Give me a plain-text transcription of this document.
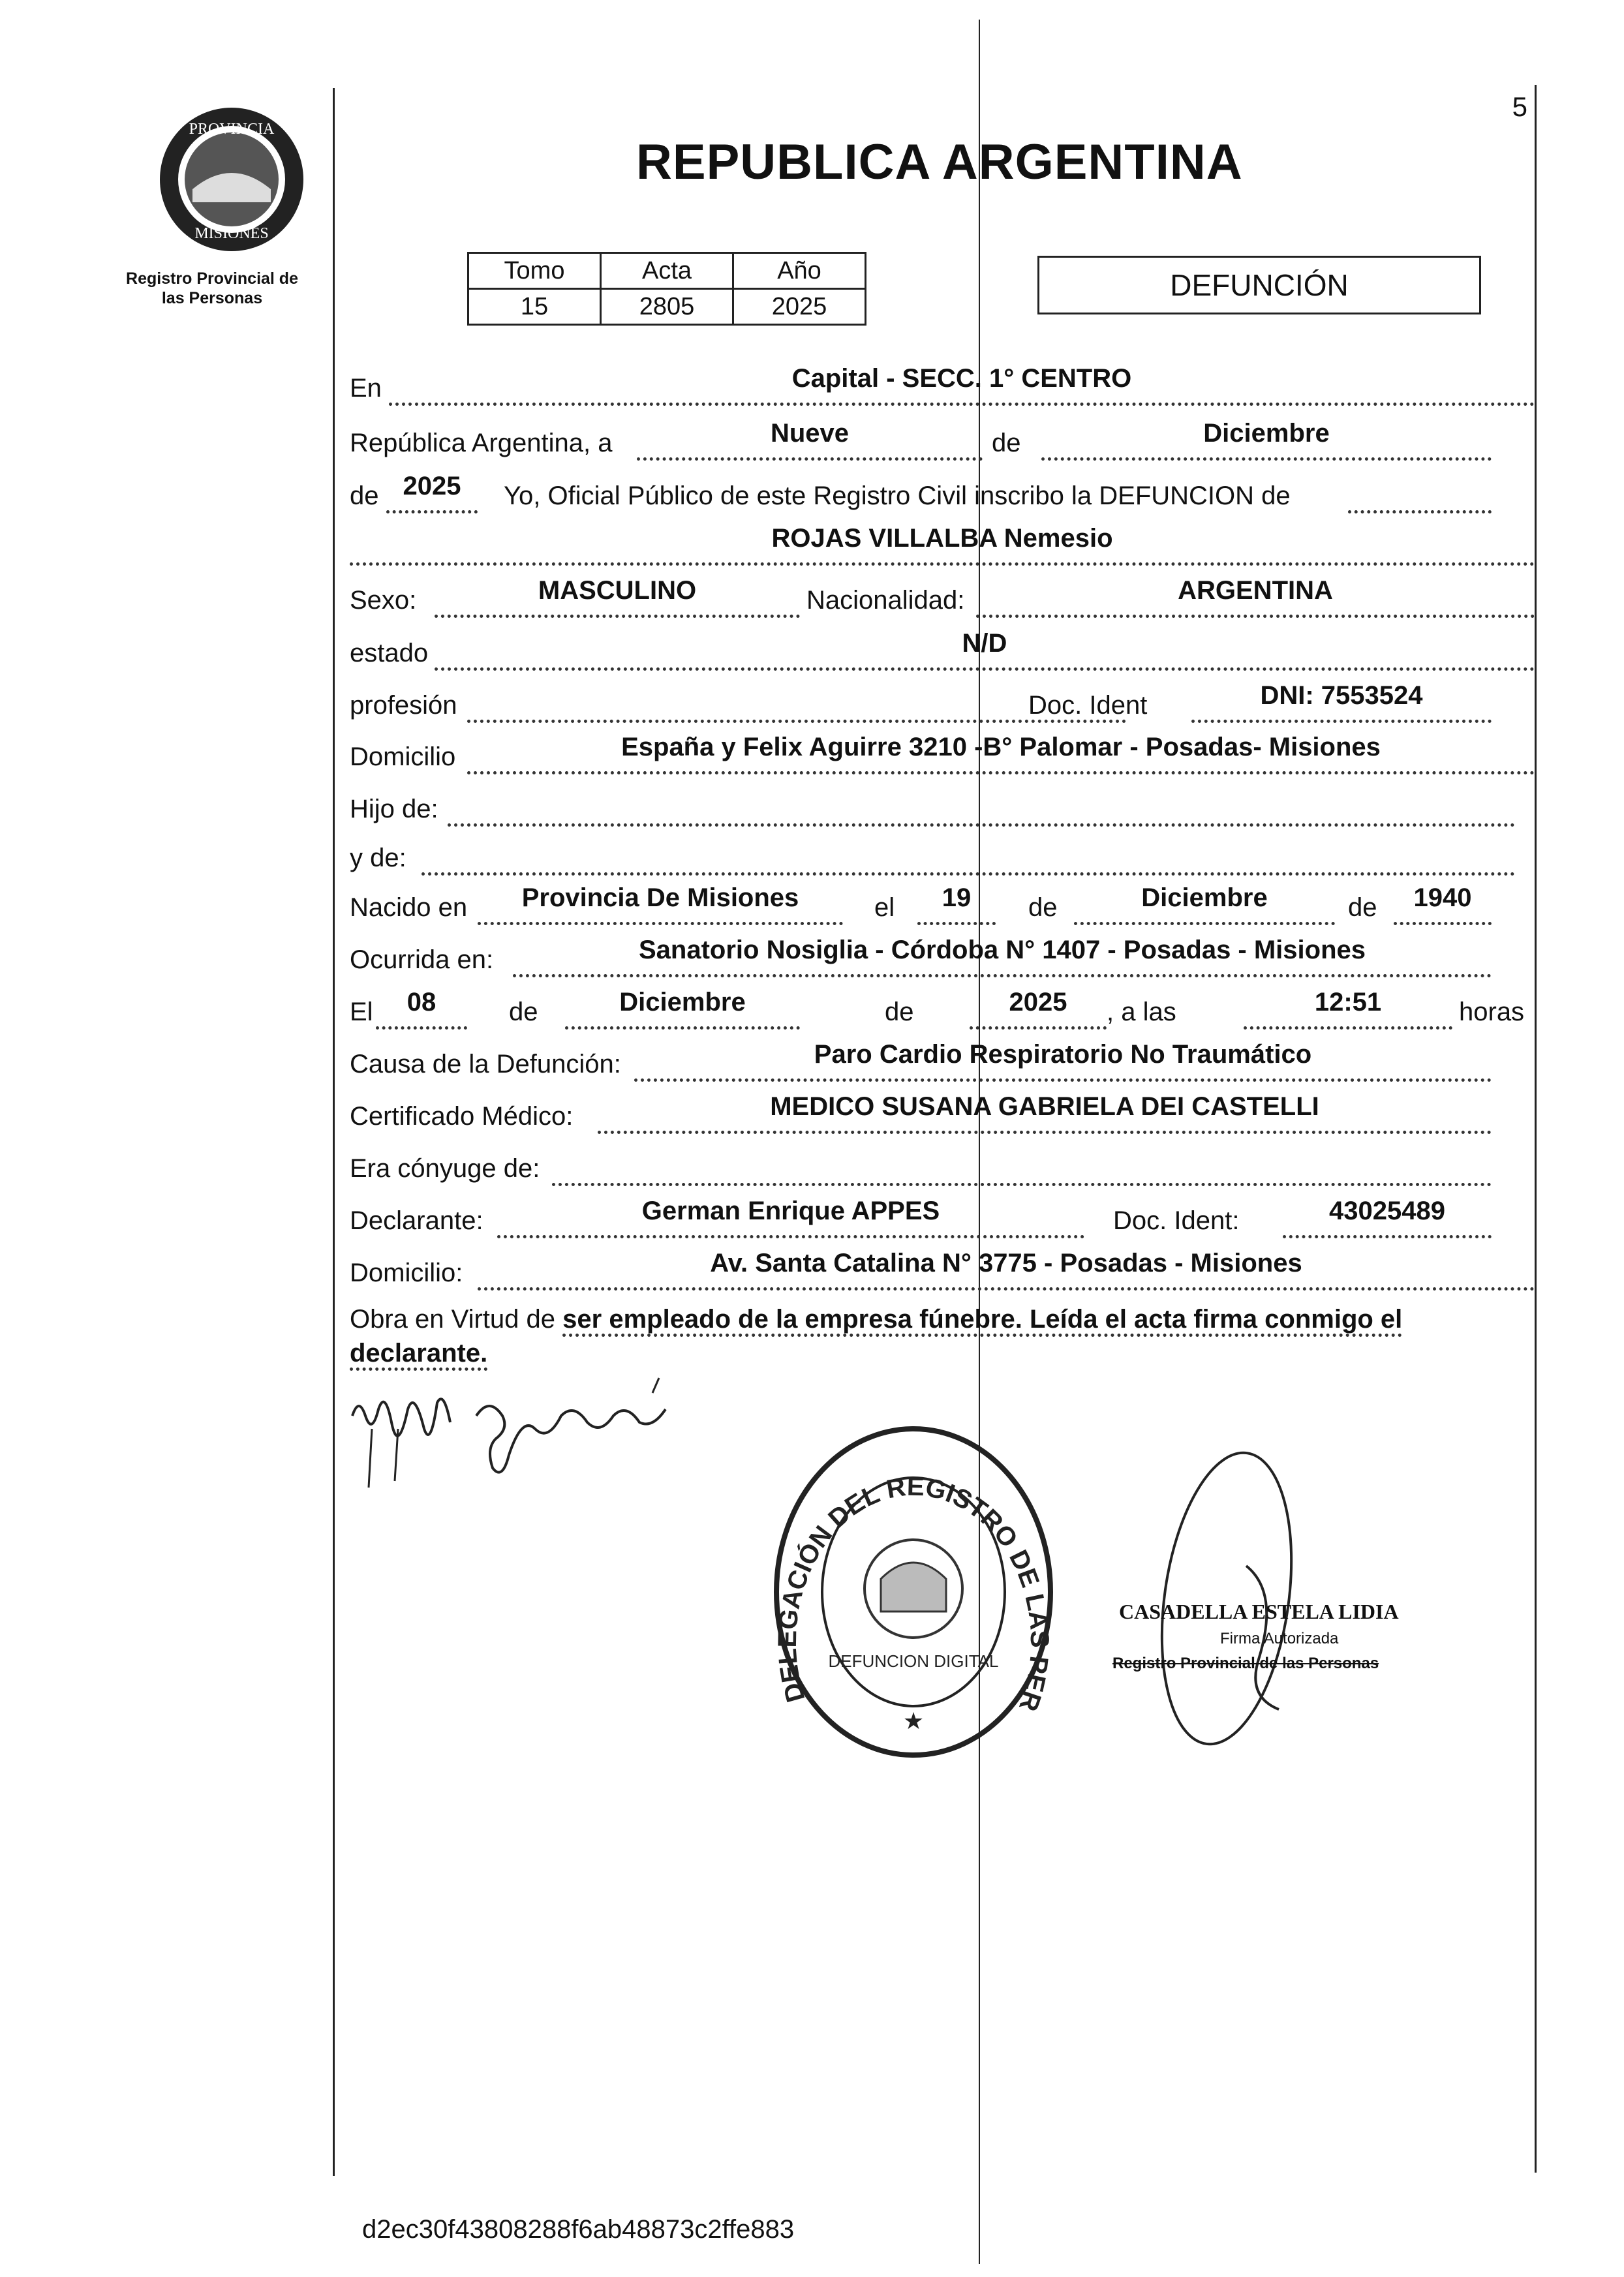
5
PROVINCIA
MISIONES
Registro Provincial de
las Personas
REPUBLICA ARGENTINA
Tomo	Acta	Año
15	2805	2025
DEFUNCIÓN
En	Capital - SECC. 1° CENTRO
República Argentina, a	Nueve	de	Diciembre
de 2025	Yo, Oficial Público de este Registro Civil inscribo la DEFUNCION de
ROJAS VILLALBA Nemesio
Sexo:	MASCULINO	Nacionalidad:	ARGENTINA
estado	N/D
profesión	Doc. Ident	DNI: 7553524
Domicilio	España y Felix Aguirre 3210 -B° Palomar - Posadas- Misiones
Hijo de:
y de:
Nacido en	Provincia De Misiones	el	19	de	Diciembre	de	1940
Ocurrida en:	Sanatorio Nosiglia - Córdoba N° 1407 - Posadas - Misiones
El	08	de	Diciembre	de	2025	, a las	12:51	horas
Causa de la Defunción:	Paro Cardio Respiratorio No Traumático
Certificado Médico:	MEDICO SUSANA GABRIELA DEI CASTELLI
Era cónyuge de:
Declarante:	German Enrique APPES	Doc. Ident:	43025489
Domicilio:	Av. Santa Catalina N° 3775 - Posadas - Misiones
Obra en Virtud de ser empleado de la empresa fúnebre. Leída el acta firma conmigo el
declarante.
DELEGACIÓN DEL REGISTRO DE LAS PER
DEFUNCION DIGITAL
★
CASADELLA ESTELA LIDIA
Firma Autorizada
Registro Provincial de las Personas
d2ec30f43808288f6ab48873c2ffe883
